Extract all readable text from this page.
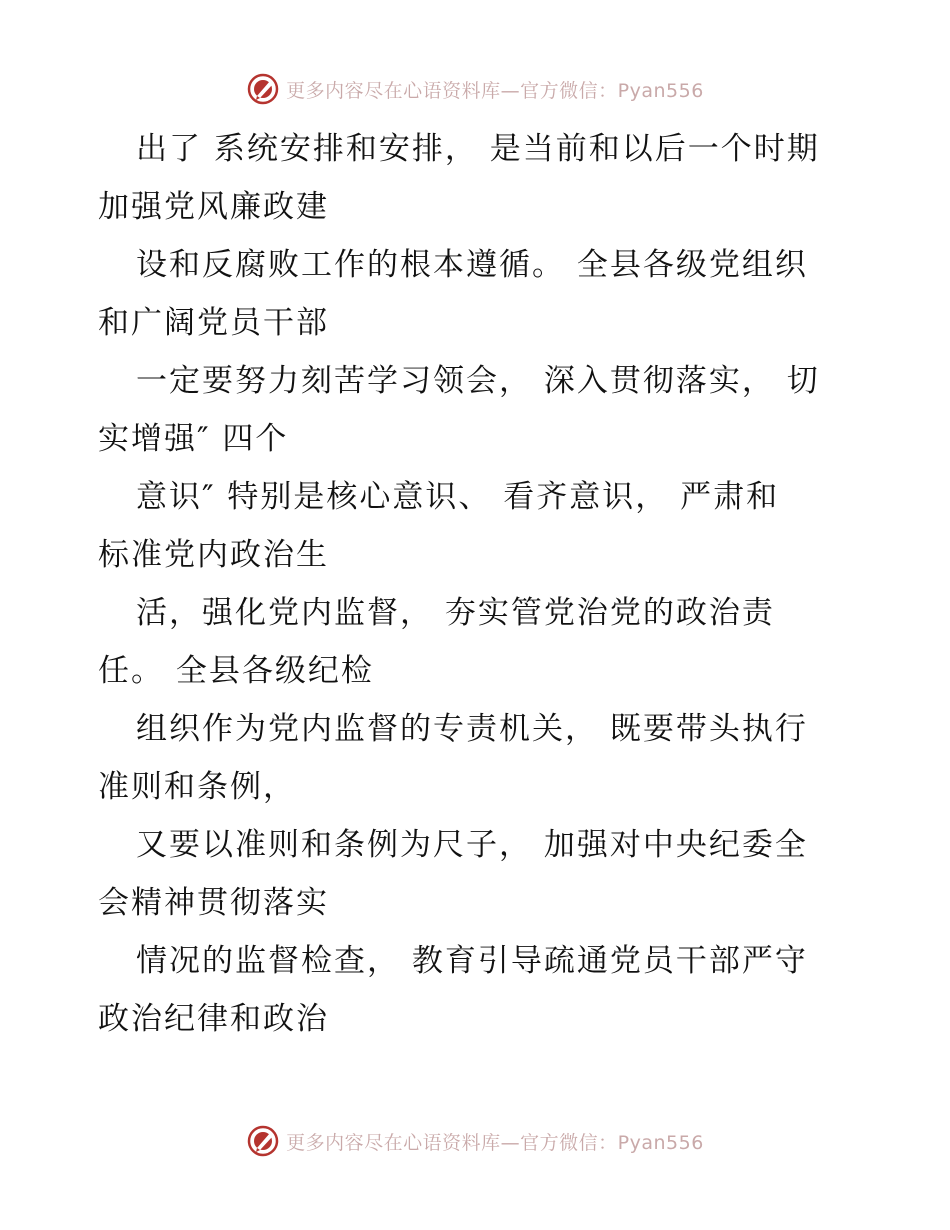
更多内容尽在心语资料库—官方微信：Pyan556
出了 系统安排和安排， 是当前和以后一个时期
加强党风廉政建
设和反腐败工作的根本遵循。 全县各级党组织
和广阔党员干部
一定要努力刻苦学习领会， 深入贯彻落实， 切
实增强″ 四个
意识″ 特别是核心意识、 看齐意识， 严肃和
标准党内政治生
活，强化党内监督， 夯实管党治党的政治责
任。 全县各级纪检
组织作为党内监督的专责机关， 既要带头执行
准则和条例，
又要以准则和条例为尺子， 加强对中央纪委全
会精神贯彻落实
情况的监督检查， 教育引导疏通党员干部严守
政治纪律和政治
更多内容尽在心语资料库—官方微信：Pyan556
